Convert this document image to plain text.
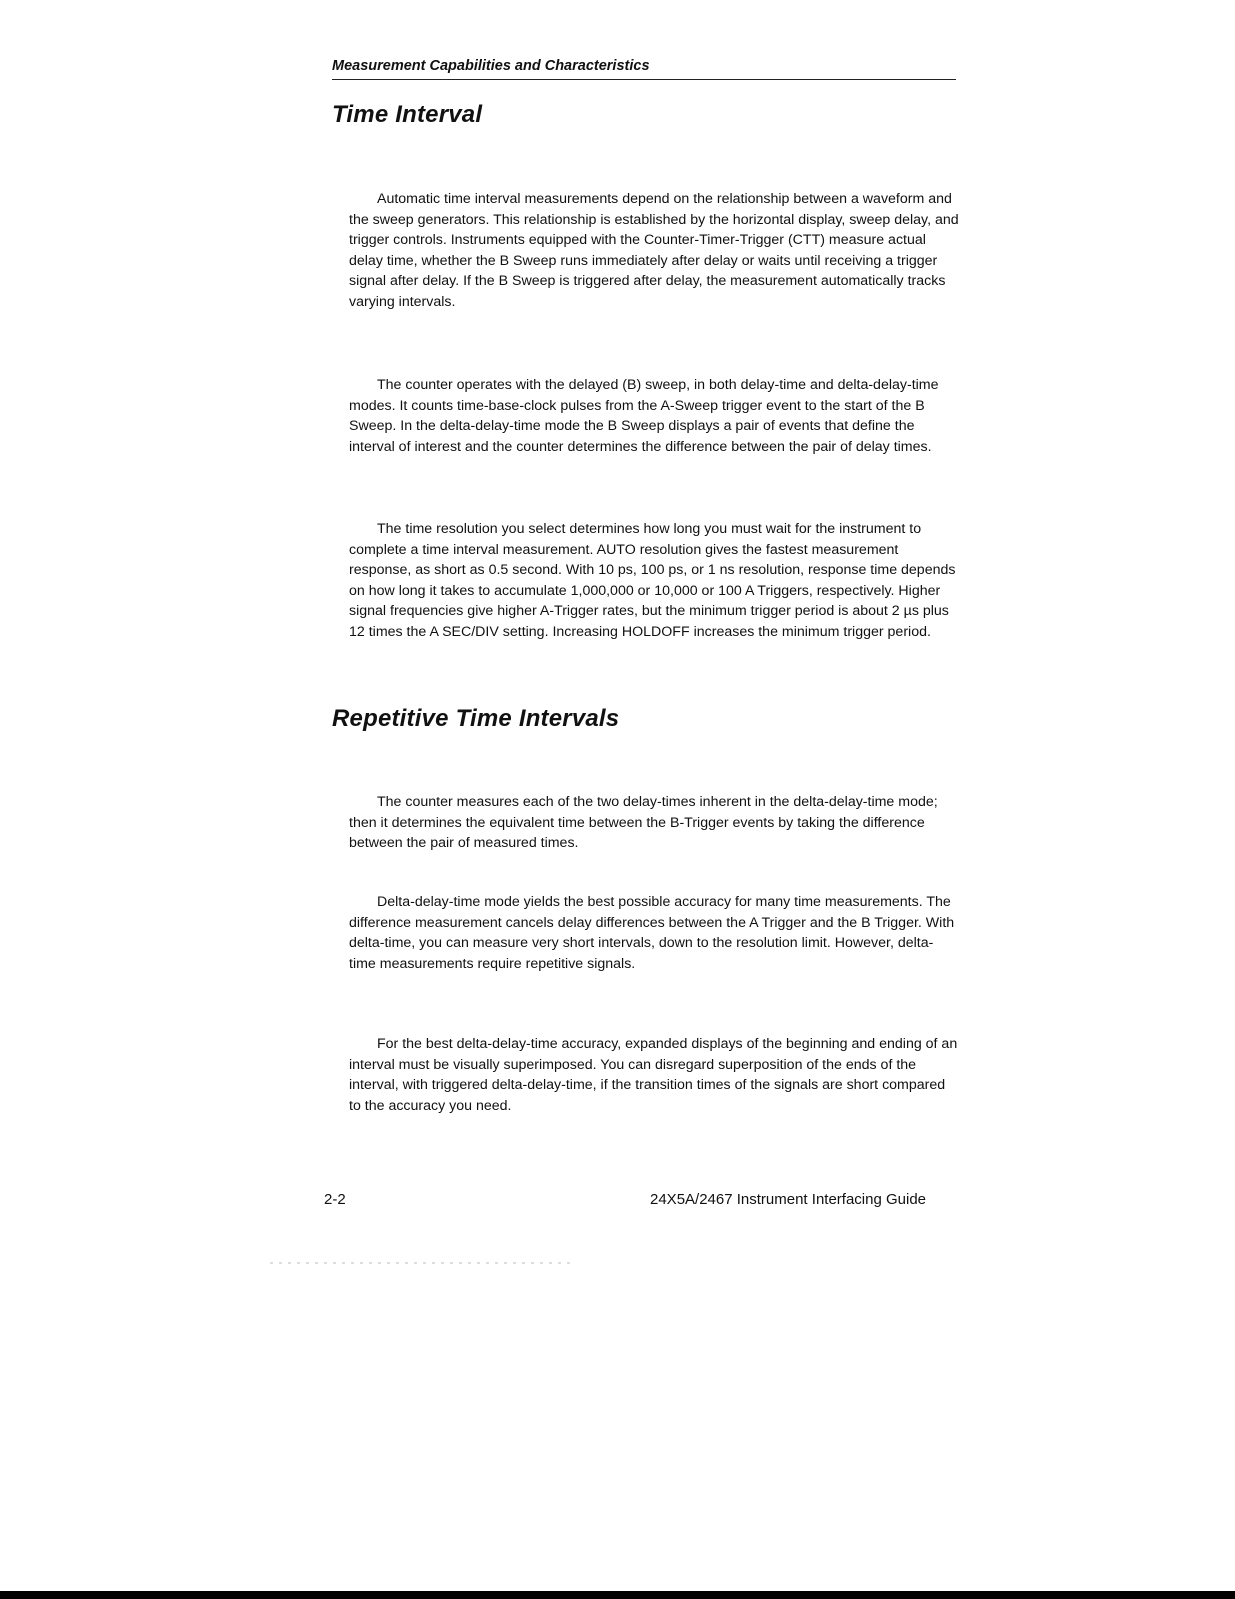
Measurement Capabilities and Characteristics
Time Interval

Automatic time interval measurements depend on the relationship between a waveform and the sweep generators. This relationship is established by the horizontal display, sweep delay, and trigger controls. Instruments equipped with the Counter-Timer-Trigger (CTT) measure actual delay time, whether the B Sweep runs immediately after delay or waits until receiving a trigger signal after delay. If the B Sweep is triggered after delay, the measurement automatically tracks varying intervals.

The counter operates with the delayed (B) sweep, in both delay-time and delta-delay-time modes. It counts time-base-clock pulses from the A-Sweep trigger event to the start of the B Sweep. In the delta-delay-time mode the B Sweep displays a pair of events that define the interval of interest and the counter determines the difference between the pair of delay times.

The time resolution you select determines how long you must wait for the instrument to complete a time interval measurement. AUTO resolution gives the fastest measurement response, as short as 0.5 second. With 10 ps, 100 ps, or 1 ns resolution, response time depends on how long it takes to accumulate 1,000,000 or 10,000 or 100 A Triggers, respectively. Higher signal frequencies give higher A-Trigger rates, but the minimum trigger period is about 2 µs plus 12 times the A SEC/DIV setting. Increasing HOLDOFF increases the minimum trigger period.

Repetitive Time Intervals

The counter measures each of the two delay-times inherent in the delta-delay-time mode; then it determines the equivalent time between the B-Trigger events by taking the difference between the pair of measured times.

Delta-delay-time mode yields the best possible accuracy for many time measurements. The difference measurement cancels delay differences between the A Trigger and the B Trigger. With delta-time, you can measure very short intervals, down to the resolution limit. However, delta-time measurements require repetitive signals.

For the best delta-delay-time accuracy, expanded displays of the beginning and ending of an interval must be visually superimposed. You can disregard superposition of the ends of the interval, with triggered delta-delay-time, if the transition times of the signals are short compared to the accuracy you need.

2-2	24X5A/2467 Instrument Interfacing Guide
